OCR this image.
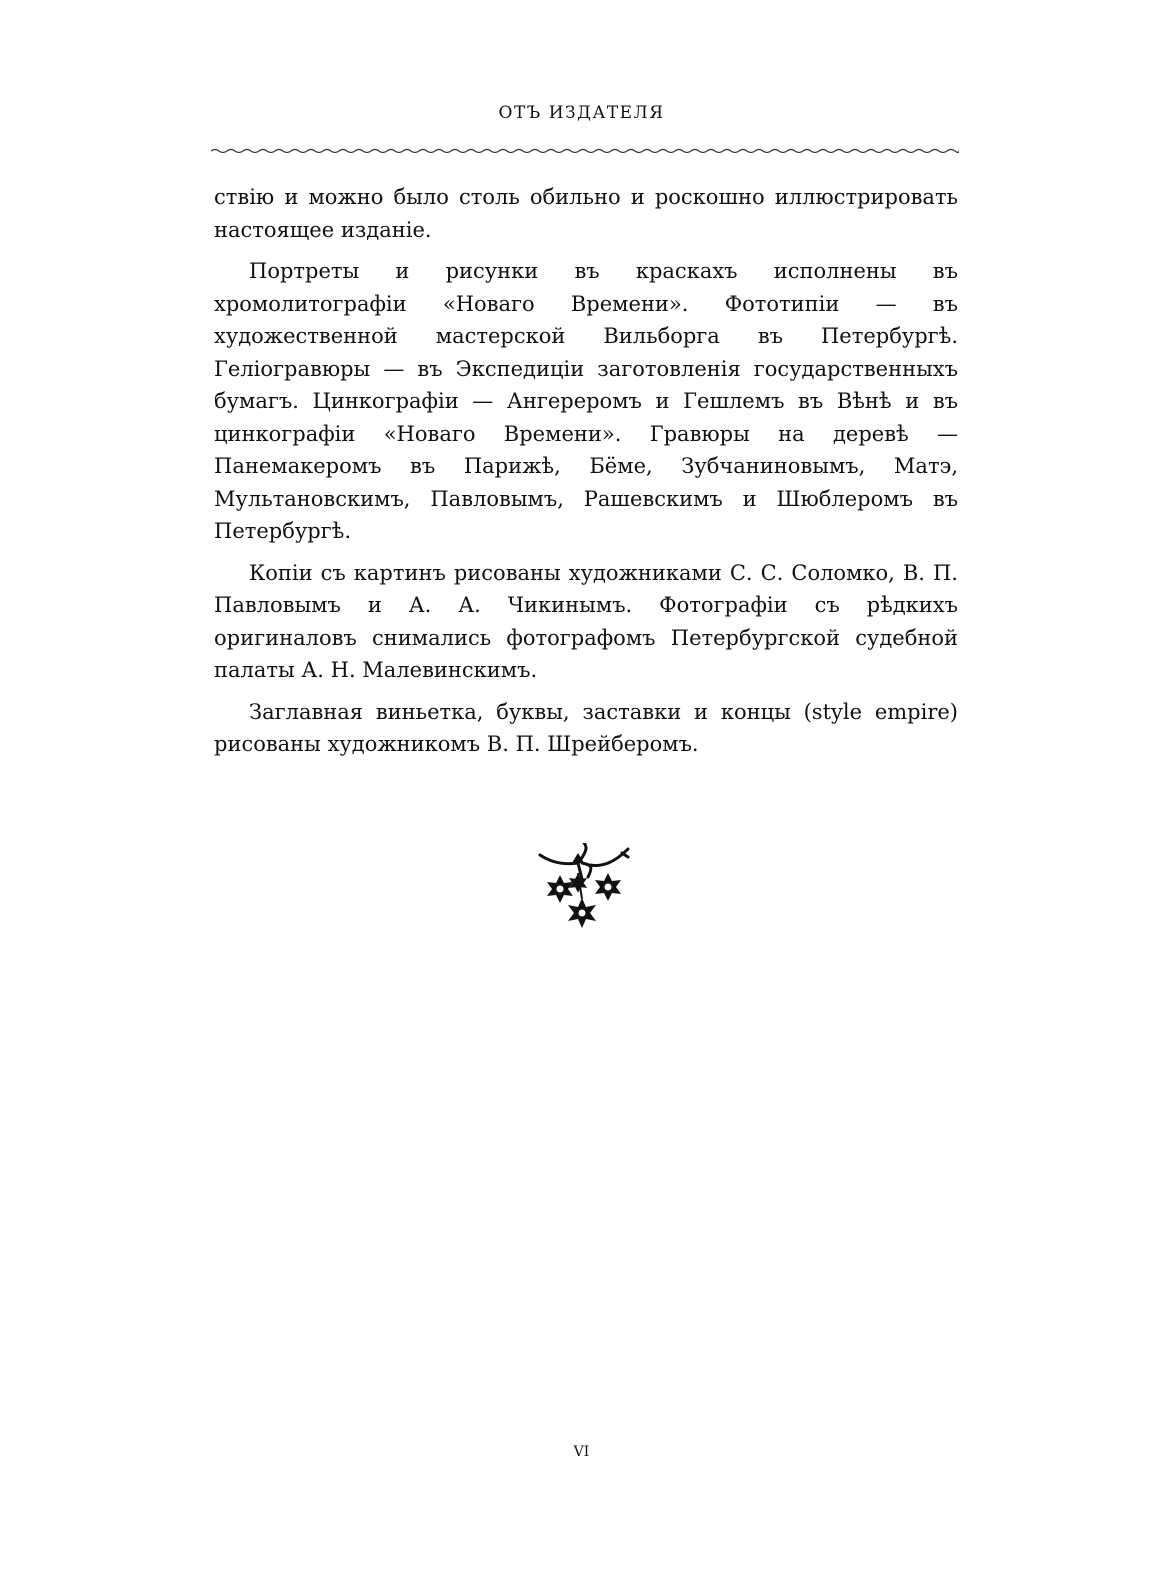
ОТЪ ИЗДАТЕЛЯ

ствію и можно было столь обильно и роскошно иллюстрировать настоящее изданіе.

Портреты и рисунки въ краскахъ исполнены въ хромолитографіи «Новаго Времени». Фототипіи — въ художественной мастерской Вильборга въ Петербургѣ. Геліогравюры — въ Экспедиціи заготовленія государственныхъ бумагъ. Цинкографіи — Ангереромъ и Гешлемъ въ Вѣнѣ и въ цинкографіи «Новаго Времени». Гравюры на деревѣ — Панемакеромъ въ Парижѣ, Бёме, Зубчаниновымъ, Матэ, Мультановскимъ, Павловымъ, Рашевскимъ и Шюблеромъ въ Петербургѣ.

Копіи съ картинъ рисованы художниками С. С. Соломко, В. П. Павловымъ и А. А. Чикинымъ. Фотографіи съ рѣдкихъ оригиналовъ снимались фотографомъ Петербургской судебной палаты А. Н. Малевинскимъ.

Заглавная виньетка, буквы, заставки и концы (style empire) рисованы художникомъ В. П. Шрейберомъ.

VI
